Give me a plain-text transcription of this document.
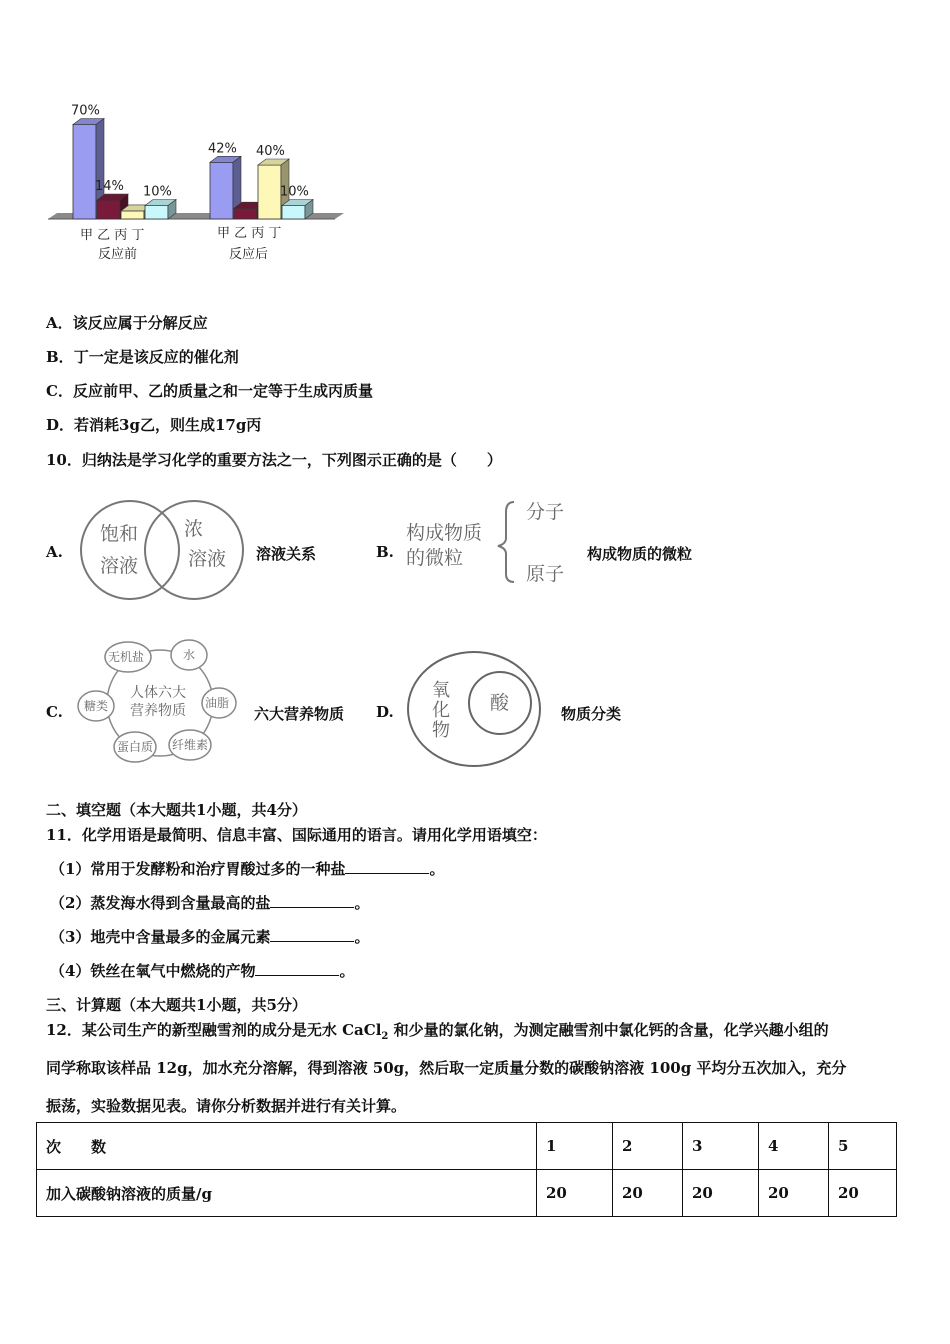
70%
14% 10%
42% 40%
10%
甲 乙 丙 丁
反应前
甲 乙 丙 丁
反应后
A．该反应属于分解反应
B．丁一定是该反应的催化剂
C．反应前甲、乙的质量之和一定等于生成丙质量
D．若消耗3g乙，则生成17g丙
10．归纳法是学习化学的重要方法之一，下列图示正确的是（　　）
A.
饱和
溶液
浓
溶液 溶液关系	B.
构成物质
的微粒
分子
原子
构成物质的微粒
C.
人体六大
营养物质
无机盐	水
油脂
纤维素
蛋白质
糖类	六大营养物质 D.
氧
化
物
酸	物质分类
二、填空题（本大题共1小题，共4分）
11．化学用语是最简明、信息丰富、国际通用的语言。请用化学用语填空：
（1）常用于发酵粉和治疗胃酸过多的一种盐	。
（2）蒸发海水得到含量最高的盐	。
（3）地壳中含量最多的金属元素	。
（4）铁丝在氧气中燃烧的产物	。
三、计算题（本大题共1小题，共5分）
12．某公司生产的新型融雪剂的成分是无水 CaCl$_2$ 和少量的氯化钠，为测定融雪剂中氯化钙的含量，化学兴趣小组的
同学称取该样品 12g，加水充分溶解，得到溶液 50g，然后取一定质量分数的碳酸钠溶液 100g 平均分五次加入，充分
振荡，实验数据见表。请你分析数据并进行有关计算。
次　　数	1	2	3	4	5
加入碳酸钠溶液的质量/g	20	20	20	20	20
